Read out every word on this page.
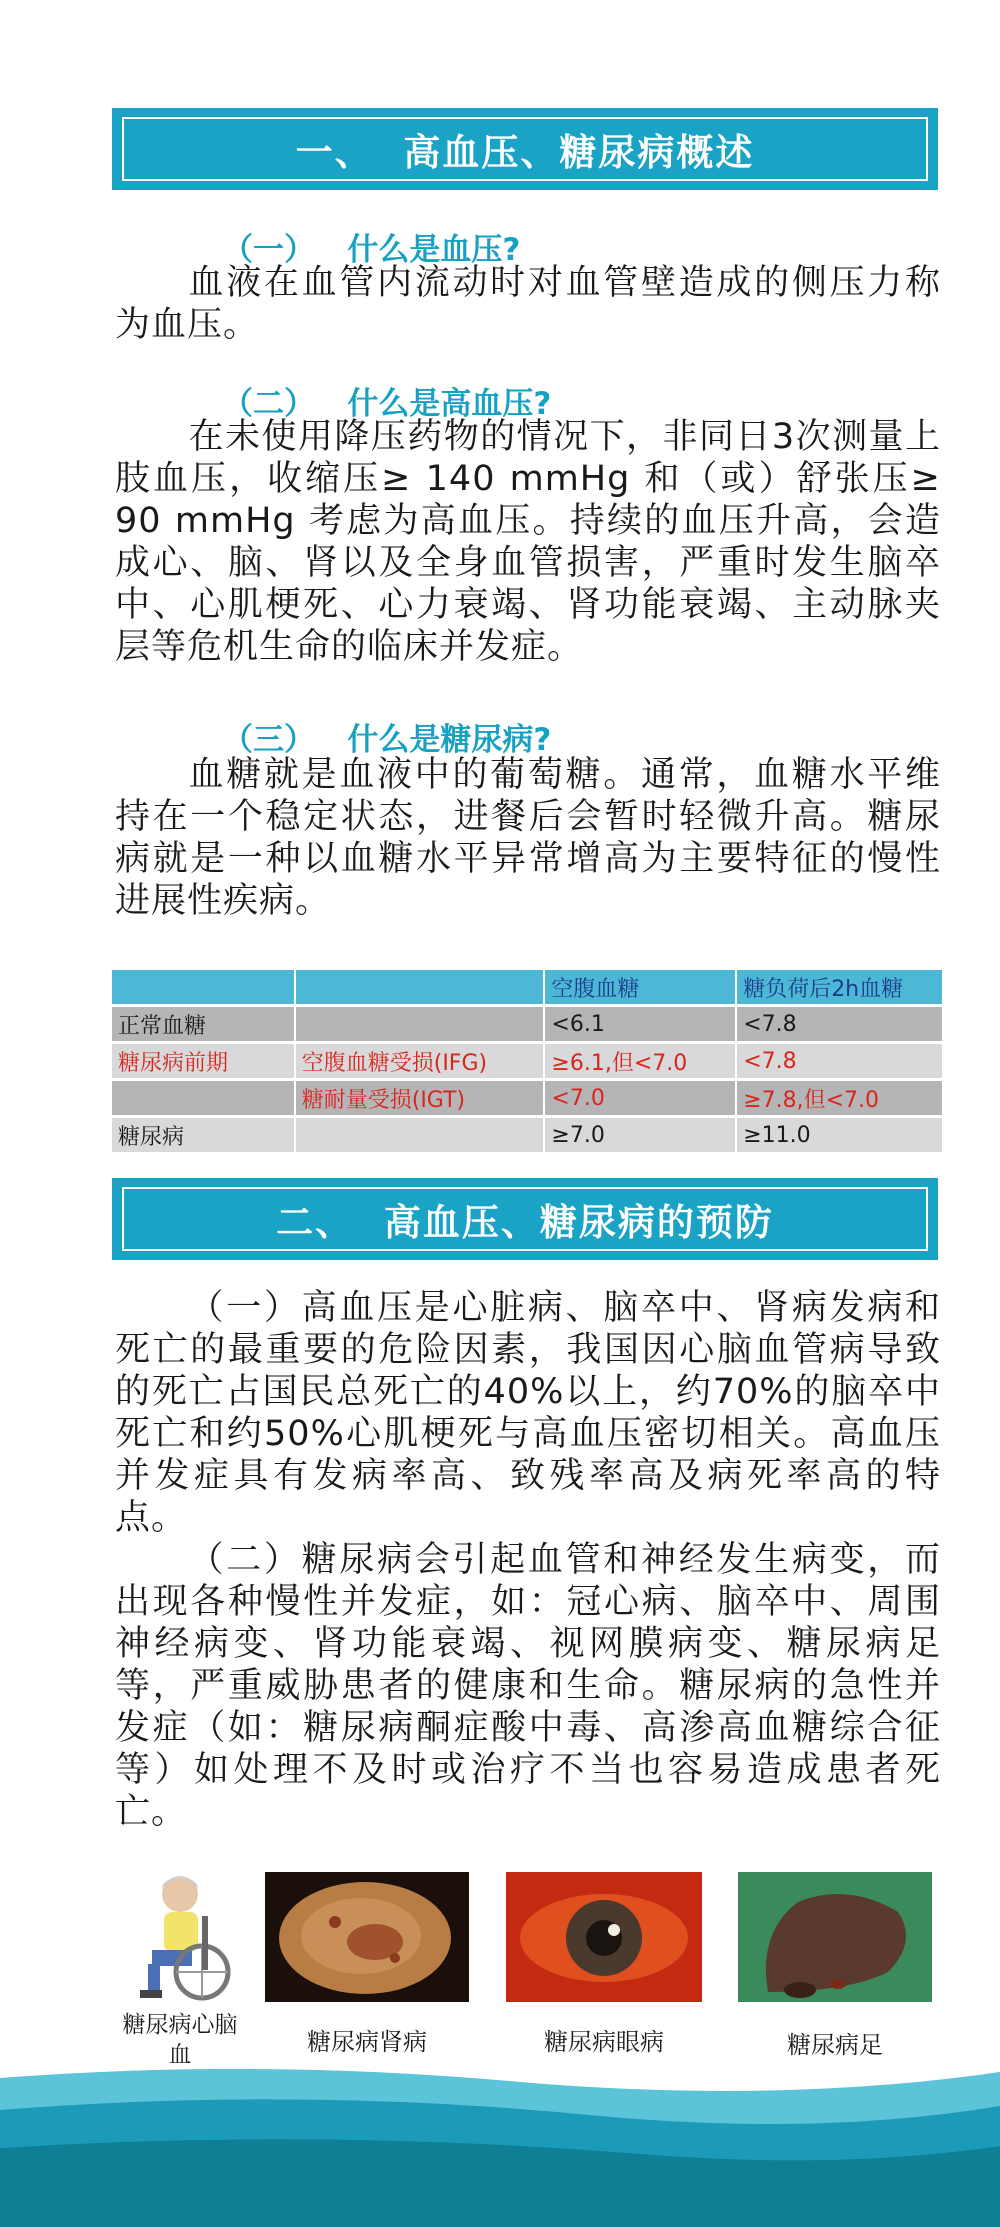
一、  高血压、糖尿病概述
（一）   什么是血压?

血液在血管内流动时对血管壁造成的侧压力称为血压。

（二）   什么是高血压?

在未使用降压药物的情况下，非同日3次测量上肢血压，收缩压≥ 140 mmHg 和（或）舒张压≥ 90 mmHg 考虑为高血压。持续的血压升高，会造成心、脑、肾以及全身血管损害，严重时发生脑卒中、心肌梗死、心力衰竭、肾功能衰竭、主动脉夹层等危机生命的临床并发症。

（三）   什么是糖尿病?

血糖就是血液中的葡萄糖。通常，血糖水平维持在一个稳定状态，进餐后会暂时轻微升高。糖尿病就是一种以血糖水平异常增高为主要特征的慢性进展性疾病。

		空腹血糖	糖负荷后2h血糖
正常血糖		<6.1	<7.8
糖尿病前期	空腹血糖受损(IFG)	≥6.1,但<7.0	<7.8
	糖耐量受损(IGT)	<7.0	≥7.8,但<7.0
糖尿病		≥7.0	≥11.0
二、  高血压、糖尿病的预防

（一）高血压是心脏病、脑卒中、肾病发病和死亡的最重要的危险因素，我国因心脑血管病导致的死亡占国民总死亡的40%以上，约70%的脑卒中死亡和约50%心肌梗死与高血压密切相关。高血压并发症具有发病率高、致残率高及病死率高的特点。

（二）糖尿病会引起血管和神经发生病变，而出现各种慢性并发症，如：冠心病、脑卒中、周围神经病变、肾功能衰竭、视网膜病变、糖尿病足等，严重威胁患者的健康和生命。糖尿病的急性并发症（如：糖尿病酮症酸中毒、高渗高血糖综合征等）如处理不及时或治疗不当也容易造成患者死亡。

糖尿病心脑血	糖尿病肾病	糖尿病眼病	糖尿病足
